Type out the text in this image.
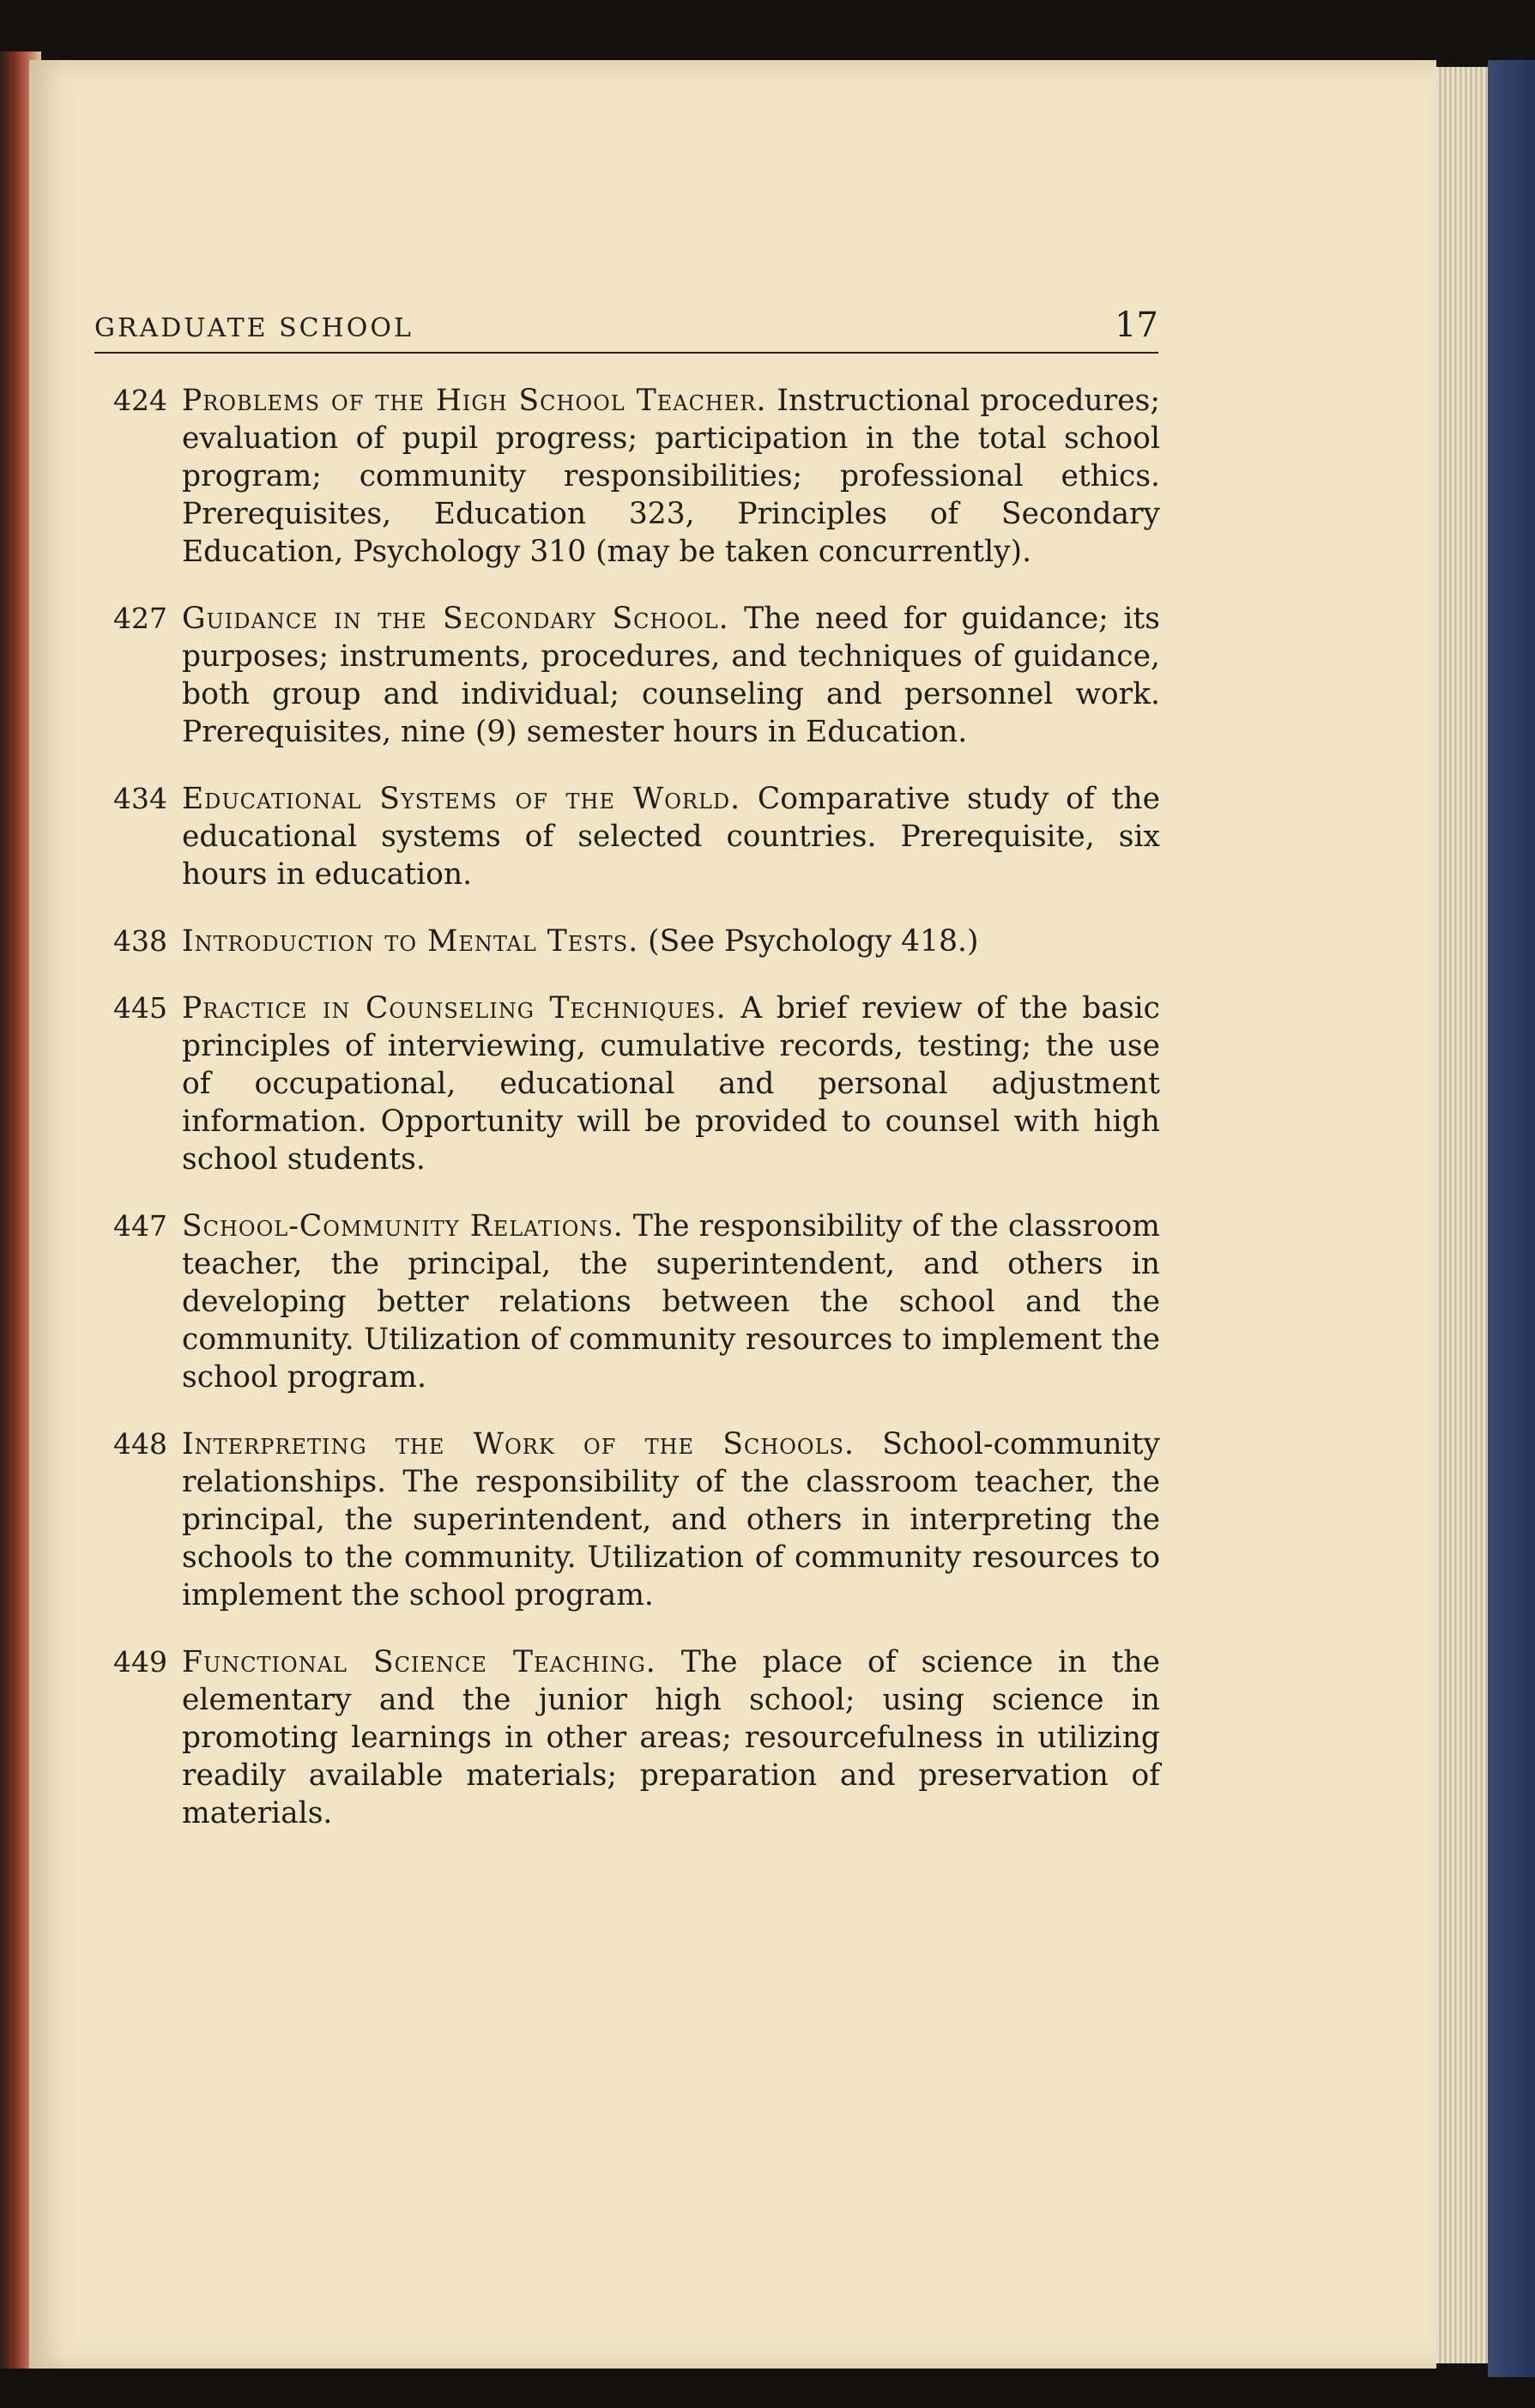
GRADUATE SCHOOL	17

424 Problems of the High School Teacher. Instructional procedures; evaluation of pupil progress; participation in the total school program; community responsibilities; professional ethics. Prerequisites, Education 323, Principles of Secondary Education, Psychology 310 (may be taken concurrently).

427 Guidance in the Secondary School. The need for guidance; its purposes; instruments, procedures, and techniques of guidance, both group and individual; counseling and personnel work. Prerequisites, nine (9) semester hours in Education.

434 Educational Systems of the World. Comparative study of the educational systems of selected countries. Prerequisite, six hours in education.

438 Introduction to Mental Tests. (See Psychology 418.)

445 Practice in Counseling Techniques. A brief review of the basic principles of interviewing, cumulative records, testing; the use of occupational, educational and personal adjustment information. Opportunity will be provided to counsel with high school students.

447 School-Community Relations. The responsibility of the classroom teacher, the principal, the superintendent, and others in developing better relations between the school and the community. Utilization of community resources to implement the school program.

448 Interpreting the Work of the Schools. School-community relationships. The responsibility of the classroom teacher, the principal, the superintendent, and others in interpreting the schools to the community. Utilization of community resources to implement the school program.

449 Functional Science Teaching. The place of science in the elementary and the junior high school; using science in promoting learnings in other areas; resourcefulness in utilizing readily available materials; preparation and preservation of materials.
